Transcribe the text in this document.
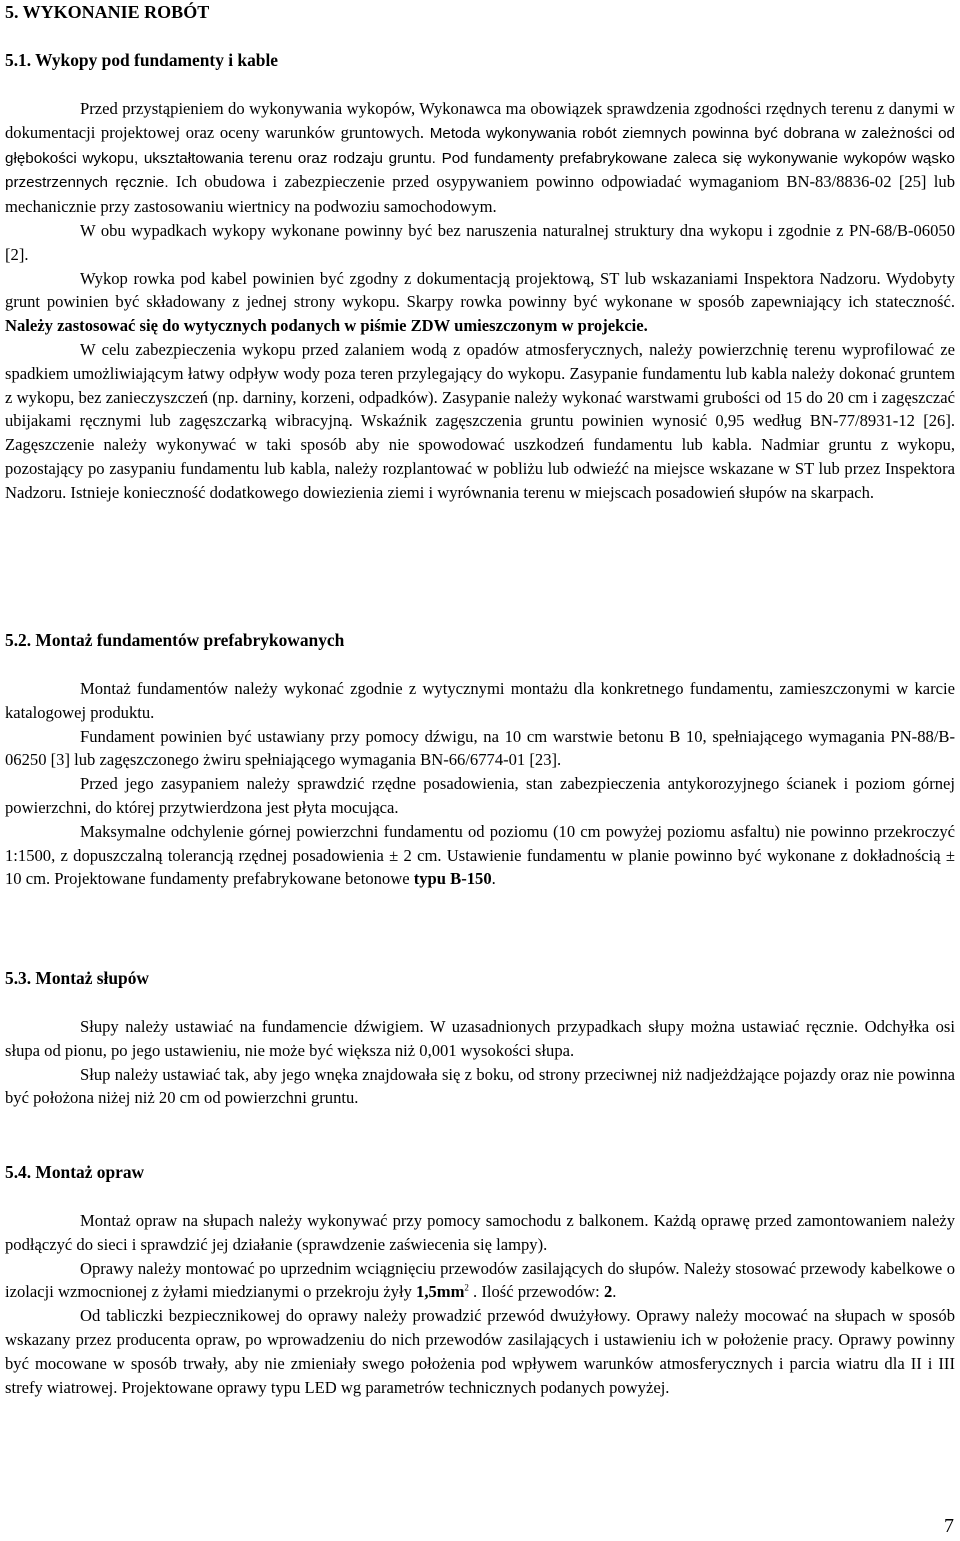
5. WYKONANIE ROBÓT
5.1. Wykopy pod fundamenty i kable

Przed przystąpieniem do wykonywania wykopów, Wykonawca ma obowiązek sprawdzenia zgodności rzędnych terenu z danymi w dokumentacji projektowej oraz oceny warunków gruntowych. Metoda wykonywania robót ziemnych powinna być dobrana w zależności od głębokości wykopu, ukształtowania terenu oraz rodzaju gruntu. Pod fundamenty prefabrykowane zaleca się wykonywanie wykopów wąsko przestrzennych ręcznie. Ich obudowa i zabezpieczenie przed osypywaniem powinno odpowiadać wymaganiom BN-83/8836-02 [25] lub mechanicznie przy zastosowaniu wiertnicy na podwoziu samochodowym.

W obu wypadkach wykopy wykonane powinny być bez naruszenia naturalnej struktury dna wykopu i zgodnie z PN-68/B-06050 [2].

Wykop rowka pod kabel powinien być zgodny z dokumentacją projektową, ST lub wskazaniami Inspektora Nadzoru. Wydobyty grunt powinien być składowany z jednej strony wykopu. Skarpy rowka powinny być wykonane w sposób zapewniający ich stateczność. Należy zastosować się do wytycznych podanych w piśmie ZDW umieszczonym w projekcie.

W celu zabezpieczenia wykopu przed zalaniem wodą z opadów atmosferycznych, należy powierzchnię terenu wyprofilować ze spadkiem umożliwiającym łatwy odpływ wody poza teren przylegający do wykopu. Zasypanie fundamentu lub kabla należy dokonać gruntem z wykopu, bez zanieczyszczeń (np. darniny, korzeni, odpadków). Zasypanie należy wykonać warstwami grubości od 15 do 20 cm i zagęszczać ubijakami ręcznymi lub zagęszczarką wibracyjną. Wskaźnik zagęszczenia gruntu powinien wynosić 0,95 według BN-77/8931-12 [26]. Zagęszczenie należy wykonywać w taki sposób aby nie spowodować uszkodzeń fundamentu lub kabla. Nadmiar gruntu z wykopu, pozostający po zasypaniu fundamentu lub kabla, należy rozplantować w pobliżu lub odwieźć na miejsce wskazane w ST lub przez Inspektora Nadzoru. Istnieje konieczność dodatkowego dowiezienia ziemi i wyrównania terenu w miejscach posadowień słupów na skarpach.

5.2. Montaż fundamentów prefabrykowanych

Montaż fundamentów należy wykonać zgodnie z wytycznymi montażu dla konkretnego fundamentu, zamieszczonymi w karcie katalogowej produktu.

Fundament powinien być ustawiany przy pomocy dźwigu, na 10 cm warstwie betonu B 10, spełniającego wymagania PN-88/B-06250 [3] lub zagęszczonego żwiru spełniającego wymagania BN-66/6774-01 [23].

Przed jego zasypaniem należy sprawdzić rzędne posadowienia, stan zabezpieczenia antykorozyjnego ścianek i poziom górnej powierzchni, do której przytwierdzona jest płyta mocująca.

Maksymalne odchylenie górnej powierzchni fundamentu od poziomu (10 cm powyżej poziomu asfaltu) nie powinno przekroczyć 1:1500, z dopuszczalną tolerancją rzędnej posadowienia ± 2 cm. Ustawienie fundamentu w planie powinno być wykonane z dokładnością ± 10 cm. Projektowane fundamenty prefabrykowane betonowe typu B-150.

5.3. Montaż słupów

Słupy należy ustawiać na fundamencie dźwigiem. W uzasadnionych przypadkach słupy można ustawiać ręcznie. Odchyłka osi słupa od pionu, po jego ustawieniu, nie może być większa niż 0,001 wysokości słupa.

Słup należy ustawiać tak, aby jego wnęka znajdowała się z boku, od strony przeciwnej niż nadjeżdżające pojazdy oraz nie powinna być położona niżej niż 20 cm od powierzchni gruntu.

5.4. Montaż opraw

Montaż opraw na słupach należy wykonywać przy pomocy samochodu z balkonem. Każdą oprawę przed zamontowaniem należy podłączyć do sieci i sprawdzić jej działanie (sprawdzenie zaświecenia się lampy).

Oprawy należy montować po uprzednim wciągnięciu przewodów zasilających do słupów. Należy stosować przewody kabelkowe o izolacji wzmocnionej z żyłami miedzianymi o przekroju żyły $1,5mm^2$ . Ilość przewodów: 2.

Od tabliczki bezpiecznikowej do oprawy należy prowadzić przewód dwużyłowy. Oprawy należy mocować na słupach w sposób wskazany przez producenta opraw, po wprowadzeniu do nich przewodów zasilających i ustawieniu ich w położenie pracy. Oprawy powinny być mocowane w sposób trwały, aby nie zmieniały swego położenia pod wpływem warunków atmosferycznych i parcia wiatru dla II i III strefy wiatrowej. Projektowane oprawy typu LED wg parametrów technicznych podanych powyżej.

7
